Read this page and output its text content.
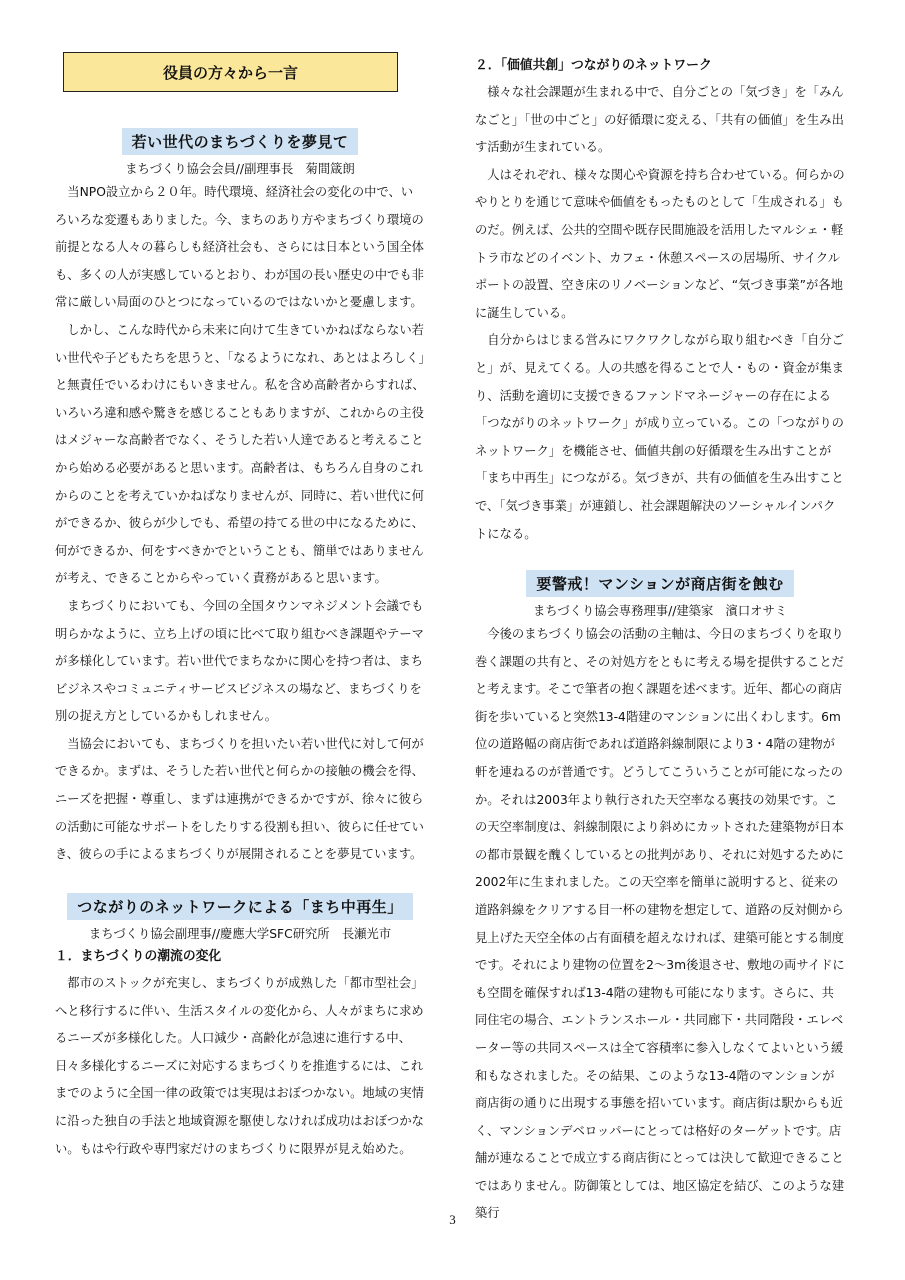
役員の方々から一言
若い世代のまちづくりを夢見て
まちづくり協会会員//副理事長　菊間箴朗

当NPO設立から２０年。時代環境、経済社会の変化の中で、いろいろな変遷もありました。今、まちのあり方やまちづくり環境の前提となる人々の暮らしも経済社会も、さらには日本という国全体も、多くの人が実感しているとおり、わが国の長い歴史の中でも非常に厳しい局面のひとつになっているのではないかと憂慮します。

しかし、こんな時代から未来に向けて生きていかねばならない若い世代や子どもたちを思うと、「なるようになれ、あとはよろしく」と無責任でいるわけにもいきません。私を含め高齢者からすれば、いろいろ違和感や驚きを感じることもありますが、これからの主役はメジャーな高齢者でなく、そうした若い人達であると考えることから始める必要があると思います。高齢者は、もちろん自身のこれからのことを考えていかねばなりませんが、同時に、若い世代に何ができるか、彼らが少しでも、希望の持てる世の中になるために、何ができるか、何をすべきかでということも、簡単ではありませんが考え、できることからやっていく責務があると思います。

まちづくりにおいても、今回の全国タウンマネジメント会議でも明らかなように、立ち上げの頃に比べて取り組むべき課題やテーマが多様化しています。若い世代でまちなかに関心を持つ者は、まちビジネスやコミュニティサービスビジネスの場など、まちづくりを別の捉え方としているかもしれません。

当協会においても、まちづくりを担いたい若い世代に対して何ができるか。まずは、そうした若い世代と何らかの接触の機会を得、ニーズを把握・尊重し、まずは連携ができるかですが、徐々に彼らの活動に可能なサポートをしたりする役割も担い、彼らに任せていき、彼らの手によるまちづくりが展開されることを夢見ています。

つながりのネットワークによる「まち中再生」
まちづくり協会副理事//慶應大学SFC研究所　長瀬光市
１．まちづくりの潮流の変化

都市のストックが充実し、まちづくりが成熟した「都市型社会」へと移行するに伴い、生活スタイルの変化から、人々がまちに求めるニーズが多様化した。人口減少・高齢化が急速に進行する中、日々多様化するニーズに対応するまちづくりを推進するには、これまでのように全国一律の政策では実現はおぼつかない。地域の実情に沿った独自の手法と地域資源を駆使しなければ成功はおぼつかない。もはや行政や専門家だけのまちづくりに限界が見え始めた。

２．「価値共創」つながりのネットワーク

様々な社会課題が生まれる中で、自分ごとの「気づき」を「みんなごと」「世の中ごと」の好循環に変える、「共有の価値」を生み出す活動が生まれている。

人はそれぞれ、様々な関心や資源を持ち合わせている。何らかのやりとりを通じて意味や価値をもったものとして「生成される」ものだ。例えば、公共的空間や既存民間施設を活用したマルシェ・軽トラ市などのイベント、カフェ・休憩スペースの居場所、サイクルポートの設置、空き床のリノベーションなど、“気づき事業”が各地に誕生している。

自分からはじまる営みにワクワクしながら取り組むべき「自分ごと」が、見えてくる。人の共感を得ることで人・もの・資金が集まり、活動を適切に支援できるファンドマネージャーの存在による「つながりのネットワーク」が成り立っている。この「つながりのネットワーク」を機能させ、価値共創の好循環を生み出すことが「まち中再生」につながる。気づきが、共有の価値を生み出すことで、「気づき事業」が連鎖し、社会課題解決のソーシャルインパクトになる。

要警戒！マンションが商店街を蝕む
まちづくり協会専務理事//建築家　濱口オサミ

今後のまちづくり協会の活動の主軸は、今日のまちづくりを取り巻く課題の共有と、その対処方をともに考える場を提供することだと考えます。そこで筆者の抱く課題を述べます。近年、都心の商店街を歩いていると突然13-4階建のマンションに出くわします。6m位の道路幅の商店街であれば道路斜線制限により3・4階の建物が軒を連ねるのが普通です。どうしてこういうことが可能になったのか。それは2003年より執行された天空率なる裏技の効果です。この天空率制度は、斜線制限により斜めにカットされた建築物が日本の都市景観を醜くしているとの批判があり、それに対処するために2002年に生まれました。この天空率を簡単に説明すると、従来の道路斜線をクリアする目一杯の建物を想定して、道路の反対側から見上げた天空全体の占有面積を超えなければ、建築可能とする制度です。それにより建物の位置を2〜3m後退させ、敷地の両サイドにも空間を確保すれば13-4階の建物も可能になります。さらに、共同住宅の場合、エントランスホール・共同廊下・共同階段・エレベーター等の共同スペースは全て容積率に参入しなくてよいという緩和もなされました。その結果、このような13-4階のマンションが商店街の通りに出現する事態を招いています。商店街は駅からも近く、マンションデベロッパーにとっては格好のターゲットです。店舗が連なることで成立する商店街にとっては決して歓迎できることではありません。防御策としては、地区協定を結び、このような建築行

3
